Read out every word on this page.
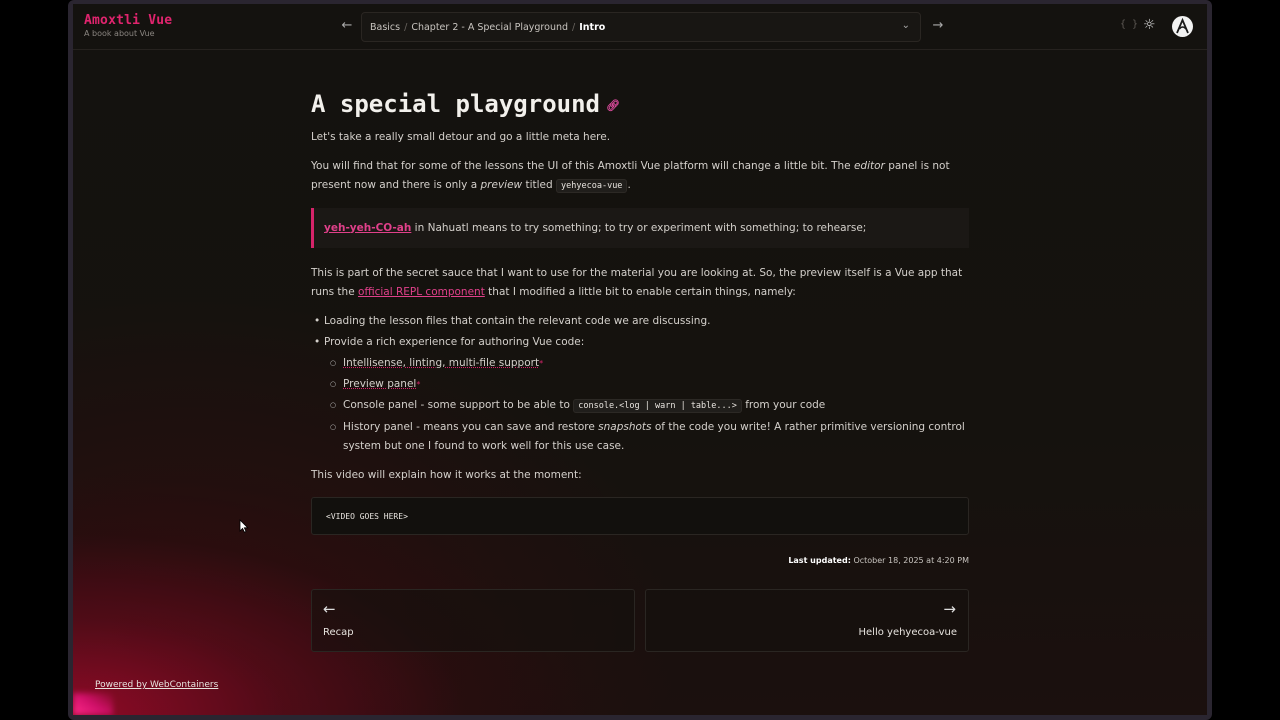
Amoxtli Vue
A book about Vue
← Basics / Chapter 2 - A Special Playground / Intro	⌄ →	{ } ☼
A special playground 🔗︎

Let's take a really small detour and go a little meta here.

You will find that for some of the lessons the UI of this Amoxtli Vue platform will change a little bit. The editor panel is not present now and there is only a preview titled yehyecoa-vue .

yeh-yeh-CO-ah in Nahuatl means to try something; to try or experiment with something; to rehearse;

This is part of the secret sauce that I want to use for the material you are looking at. So, the preview itself is a Vue app that runs the official REPL component that I modified a little bit to enable certain things, namely:

• Loading the lesson files that contain the relevant code we are discussing.
• Provide a rich experience for authoring Vue code:
○ Intellisense, linting, multi-file support*
○ Preview panel*
○ Console panel - some support to be able to console.<log | warn | table...> from your code
○ History panel - means you can save and restore snapshots of the code you write! A rather primitive versioning control system but one I found to work well for this use case.

This video will explain how it works at the moment:

<VIDEO GOES HERE>
Last updated: October 18, 2025 at 4:20 PM
←
Recap
→
Hello yehyecoa-vue
Powered by WebContainers
